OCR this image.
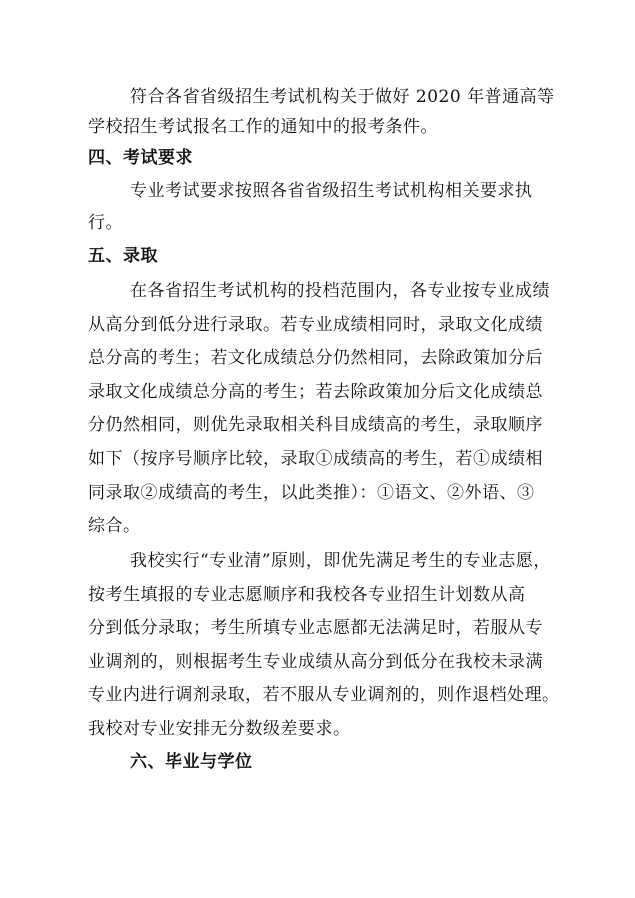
符合各省省级招生考试机构关于做好 2020 年普通高等
学校招生考试报名工作的通知中的报考条件。
四、考试要求
专业考试要求按照各省省级招生考试机构相关要求执
行。
五、录取
在各省招生考试机构的投档范围内，各专业按专业成绩
从高分到低分进行录取。若专业成绩相同时，录取文化成绩
总分高的考生；若文化成绩总分仍然相同，去除政策加分后
录取文化成绩总分高的考生；若去除政策加分后文化成绩总
分仍然相同，则优先录取相关科目成绩高的考生，录取顺序
如下（按序号顺序比较，录取①成绩高的考生，若①成绩相
同录取②成绩高的考生，以此类推）：①语文、②外语、③
综合。
我校实行“专业清”原则，即优先满足考生的专业志愿，
按考生填报的专业志愿顺序和我校各专业招生计划数从高
分到低分录取；考生所填专业志愿都无法满足时，若服从专
业调剂的，则根据考生专业成绩从高分到低分在我校未录满
专业内进行调剂录取，若不服从专业调剂的，则作退档处理。
我校对专业安排无分数级差要求。
六、毕业与学位
